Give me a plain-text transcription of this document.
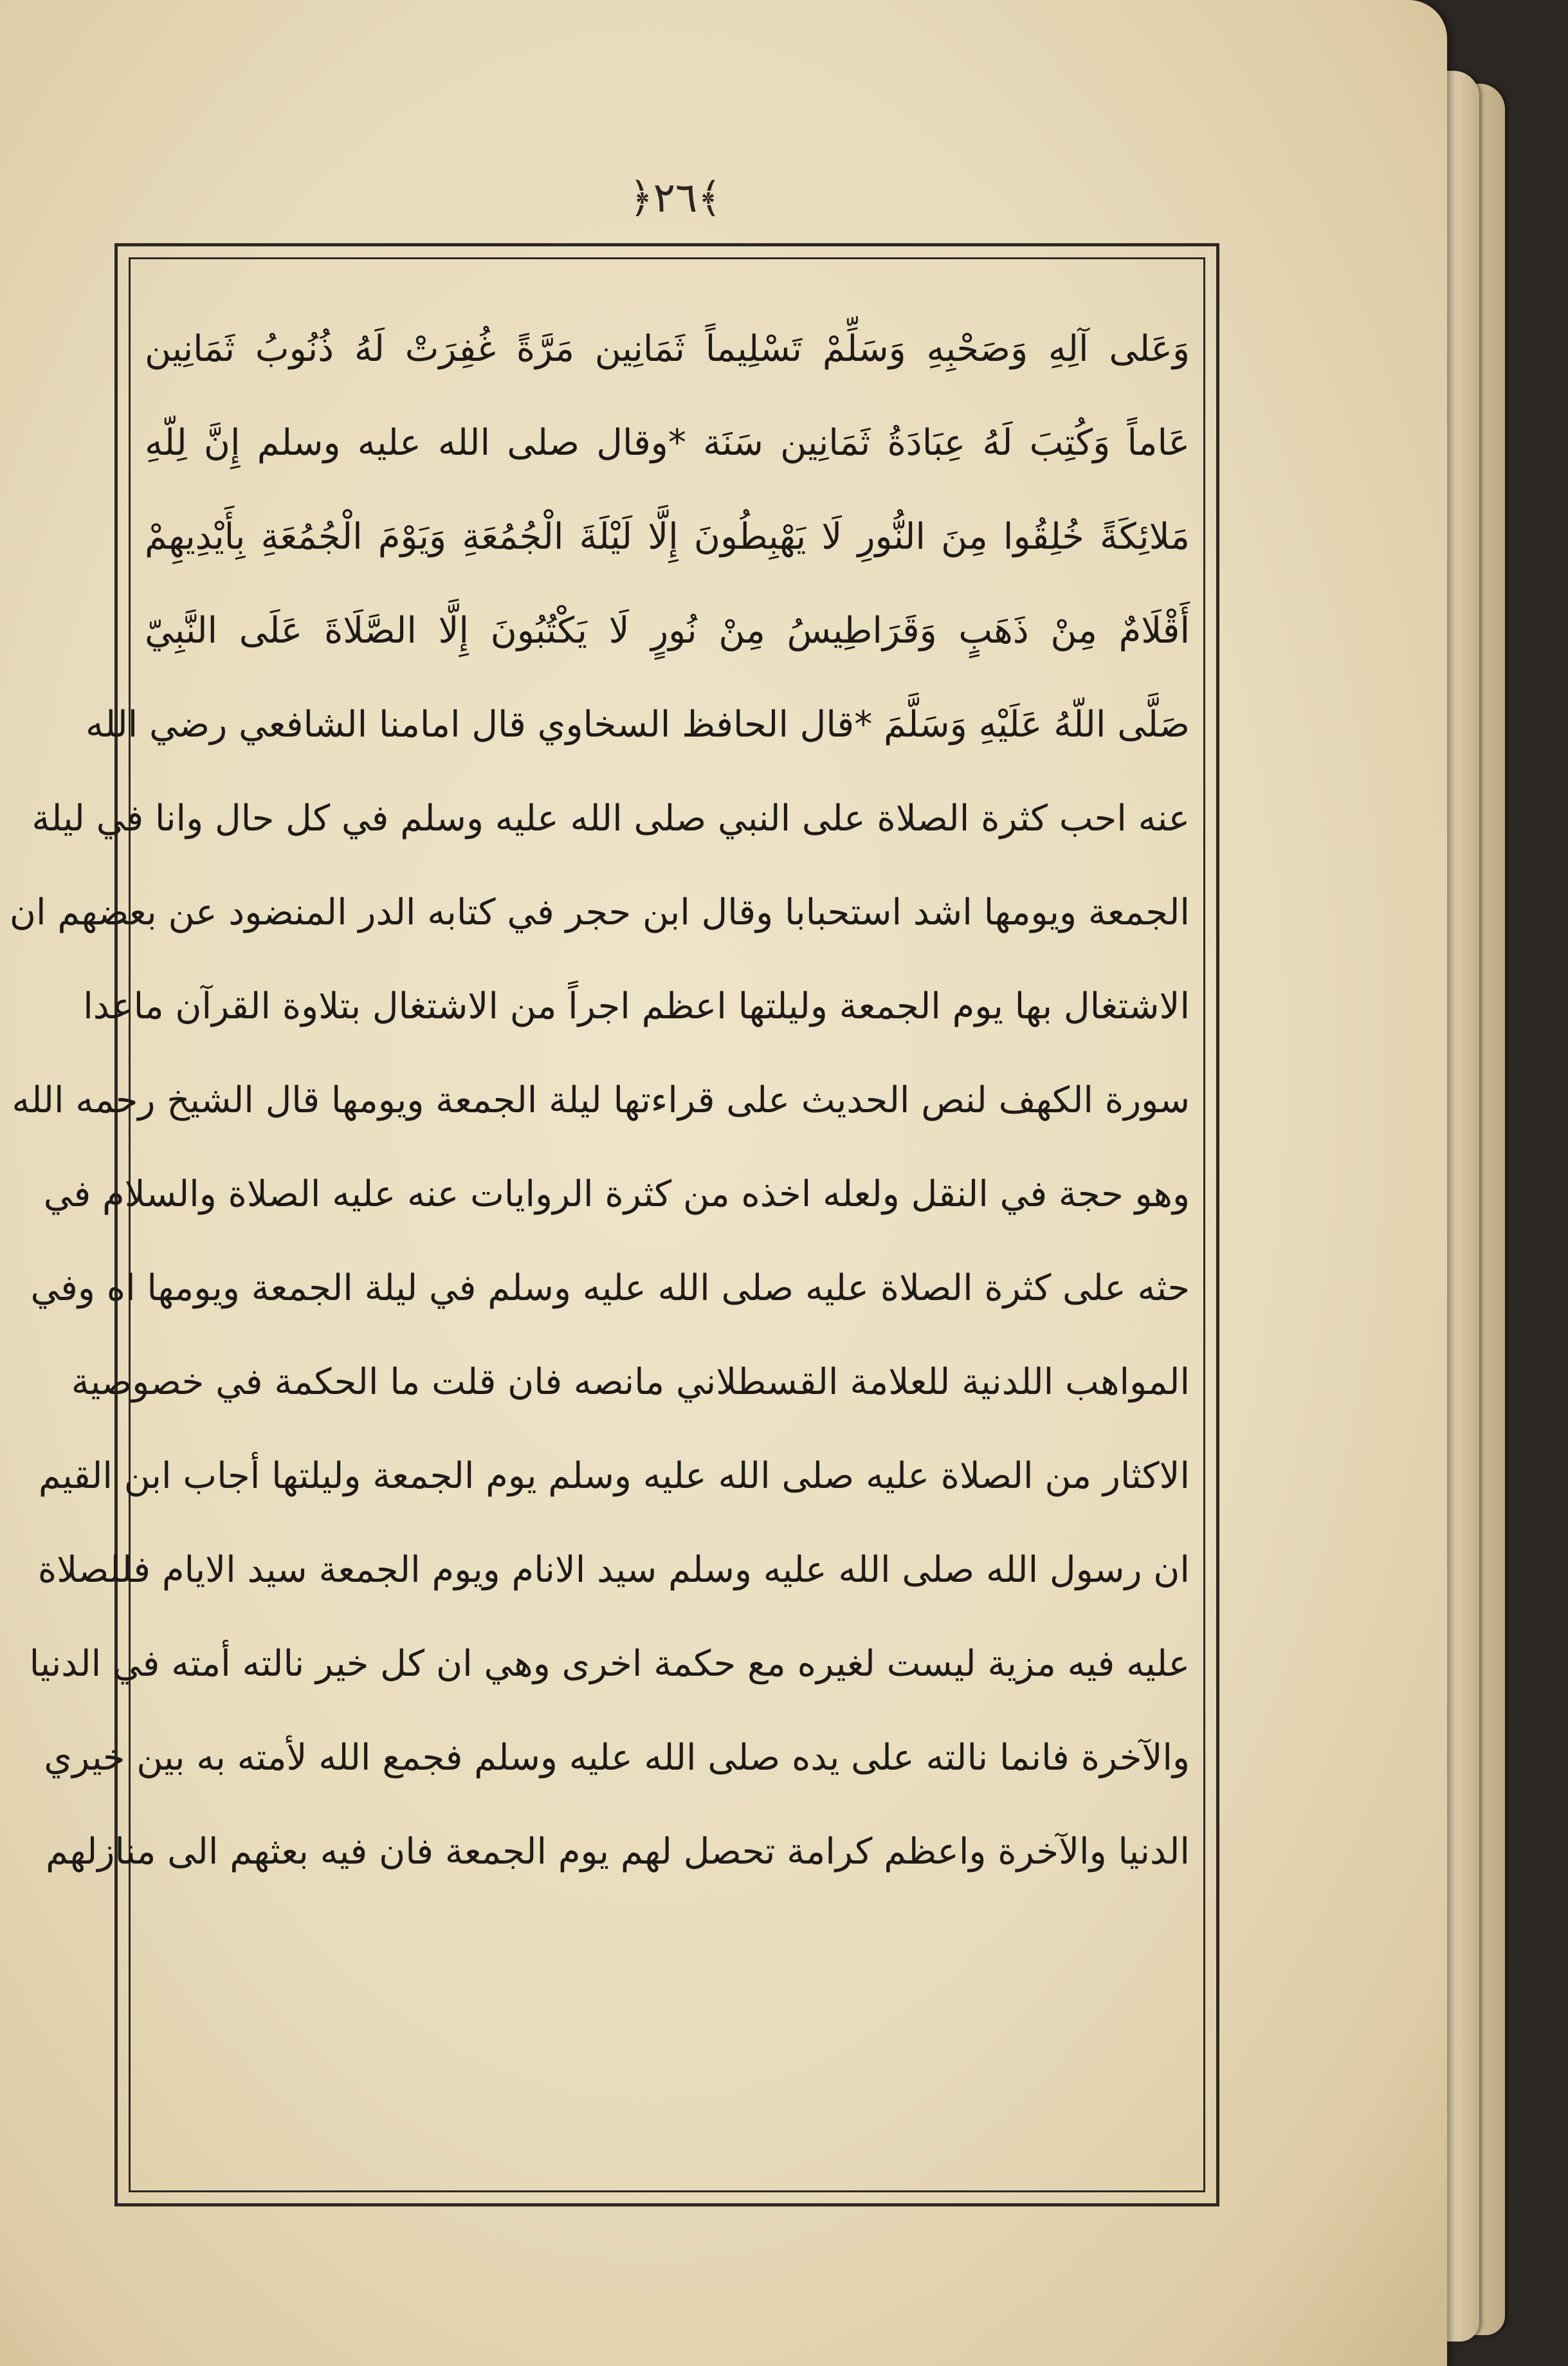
﴿٢٦﴾
وَعَلى آلِهِ وَصَحْبِهِ وَسَلِّمْ تَسْلِيماً ثَمَانِين مَرَّةً غُفِرَتْ لَهُ ذُنُوبُ ثَمَانِين
عَاماً وَكُتِبَ لَهُ عِبَادَةُ ثَمَانِين سَنَة *وقال صلى الله عليه وسلم إِنَّ لِلّهِ
مَلائِكَةً خُلِقُوا مِنَ النُّورِ لَا يَهْبِطُونَ إِلَّا لَيْلَةَ الْجُمُعَةِ وَيَوْمَ الْجُمُعَةِ بِأَيْدِيهِمْ
أَقْلَامٌ مِنْ ذَهَبٍ وَقَرَاطِيسُ مِنْ نُورٍ لَا يَكْتُبُونَ إِلَّا الصَّلَاةَ عَلَى النَّبِيّ
صَلَّى اللّهُ عَلَيْهِ وَسَلَّمَ *قال الحافظ السخاوي قال امامنا الشافعي رضي الله
عنه احب كثرة الصلاة على النبي صلى الله عليه وسلم في كل حال وانا في ليلة
الجمعة ويومها اشد استحبابا وقال ابن حجر في كتابه الدر المنضود عن بعضهم ان
الاشتغال بها يوم الجمعة وليلتها اعظم اجراً من الاشتغال بتلاوة القرآن ماعدا
سورة الكهف لنص الحديث على قراءتها ليلة الجمعة ويومها قال الشيخ رحمه الله
وهو حجة في النقل ولعله اخذه من كثرة الروايات عنه عليه الصلاة والسلام في
حثه على كثرة الصلاة عليه صلى الله عليه وسلم في ليلة الجمعة ويومها اه وفي
المواهب اللدنية للعلامة القسطلاني مانصه فان قلت ما الحكمة في خصوصية
الاكثار من الصلاة عليه صلى الله عليه وسلم يوم الجمعة وليلتها أجاب ابن القيم
ان رسول الله صلى الله عليه وسلم سيد الانام ويوم الجمعة سيد الايام فللصلاة
عليه فيه مزية ليست لغيره مع حكمة اخرى وهي ان كل خير نالته أمته في الدنيا
والآخرة فانما نالته على يده صلى الله عليه وسلم فجمع الله لأمته به بين خيري
الدنيا والآخرة واعظم كرامة تحصل لهم يوم الجمعة فان فيه بعثهم الى منازلهم
